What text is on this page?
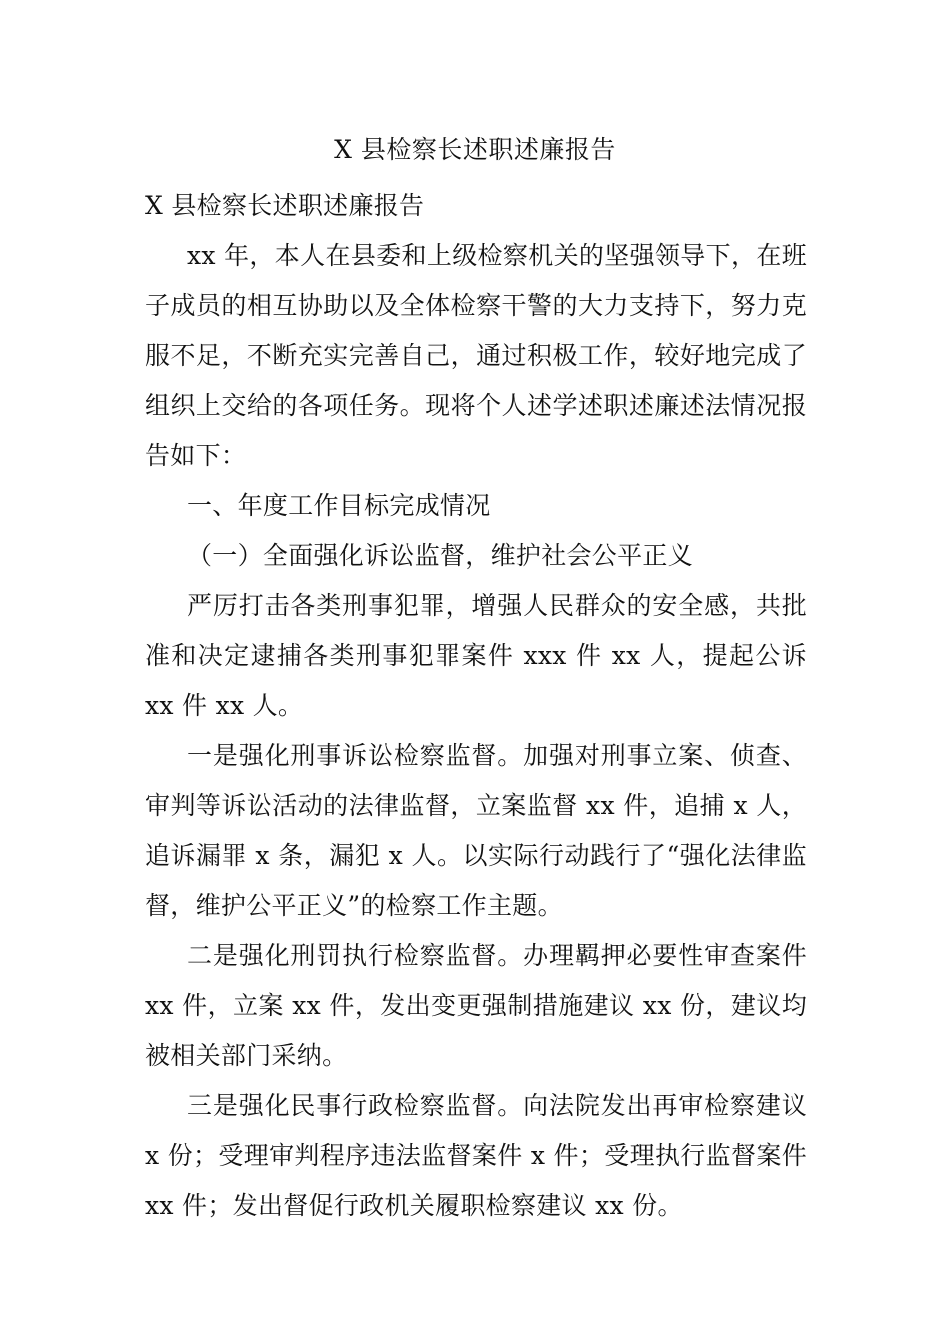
X 县检察长述职述廉报告

X 县检察长述职述廉报告

xx 年，本人在县委和上级检察机关的坚强领导下，在班子成员的相互协助以及全体检察干警的大力支持下，努力克服不足，不断充实完善自己，通过积极工作，较好地完成了组织上交给的各项任务。现将个人述学述职述廉述法情况报告如下：

一、年度工作目标完成情况

（一）全面强化诉讼监督，维护社会公平正义

严厉打击各类刑事犯罪，增强人民群众的安全感，共批准和决定逮捕各类刑事犯罪案件 xxx 件 xx 人，提起公诉 xx 件 xx 人。

一是强化刑事诉讼检察监督。加强对刑事立案、侦查、审判等诉讼活动的法律监督，立案监督 xx 件，追捕 x 人，追诉漏罪 x 条，漏犯 x 人。以实际行动践行了“强化法律监督，维护公平正义”的检察工作主题。

二是强化刑罚执行检察监督。办理羁押必要性审查案件 xx 件，立案 xx 件，发出变更强制措施建议 xx 份，建议均被相关部门采纳。

三是强化民事行政检察监督。向法院发出再审检察建议 x 份；受理审判程序违法监督案件 x 件；受理执行监督案件 xx 件；发出督促行政机关履职检察建议 xx 份。
